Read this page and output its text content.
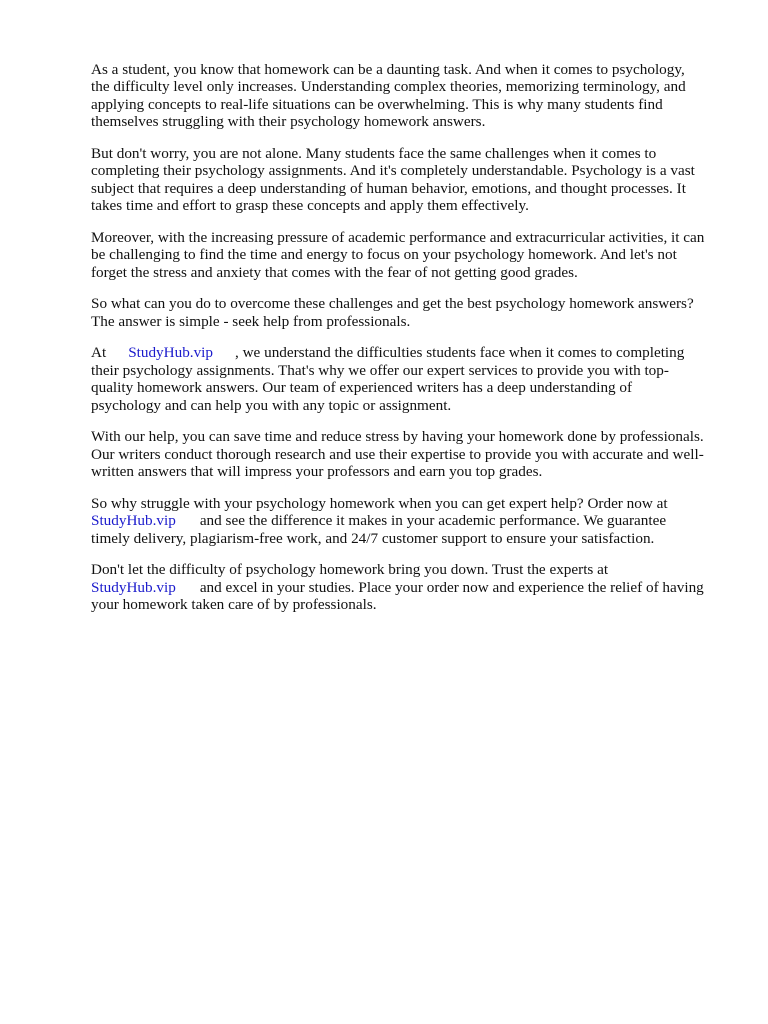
As a student, you know that homework can be a daunting task. And when it comes to psychology,
the difficulty level only increases. Understanding complex theories, memorizing terminology, and
applying concepts to real-life situations can be overwhelming. This is why many students find
themselves struggling with their psychology homework answers.
But don't worry, you are not alone. Many students face the same challenges when it comes to
completing their psychology assignments. And it's completely understandable. Psychology is a vast
subject that requires a deep understanding of human behavior, emotions, and thought processes. It
takes time and effort to grasp these concepts and apply them effectively.
Moreover, with the increasing pressure of academic performance and extracurricular activities, it can
be challenging to find the time and energy to focus on your psychology homework. And let's not
forget the stress and anxiety that comes with the fear of not getting good grades.
So what can you do to overcome these challenges and get the best psychology homework answers?
The answer is simple - seek help from professionals.
At StudyHub.vip , we understand the difficulties students face when it comes to completing
their psychology assignments. That's why we offer our expert services to provide you with top-
quality homework answers. Our team of experienced writers has a deep understanding of
psychology and can help you with any topic or assignment.
With our help, you can save time and reduce stress by having your homework done by professionals.
Our writers conduct thorough research and use their expertise to provide you with accurate and well-
written answers that will impress your professors and earn you top grades.
So why struggle with your psychology homework when you can get expert help? Order now at
StudyHub.vip and see the difference it makes in your academic performance. We guarantee
timely delivery, plagiarism-free work, and 24/7 customer support to ensure your satisfaction.
Don't let the difficulty of psychology homework bring you down. Trust the experts at
StudyHub.vip and excel in your studies. Place your order now and experience the relief of having
your homework taken care of by professionals.
